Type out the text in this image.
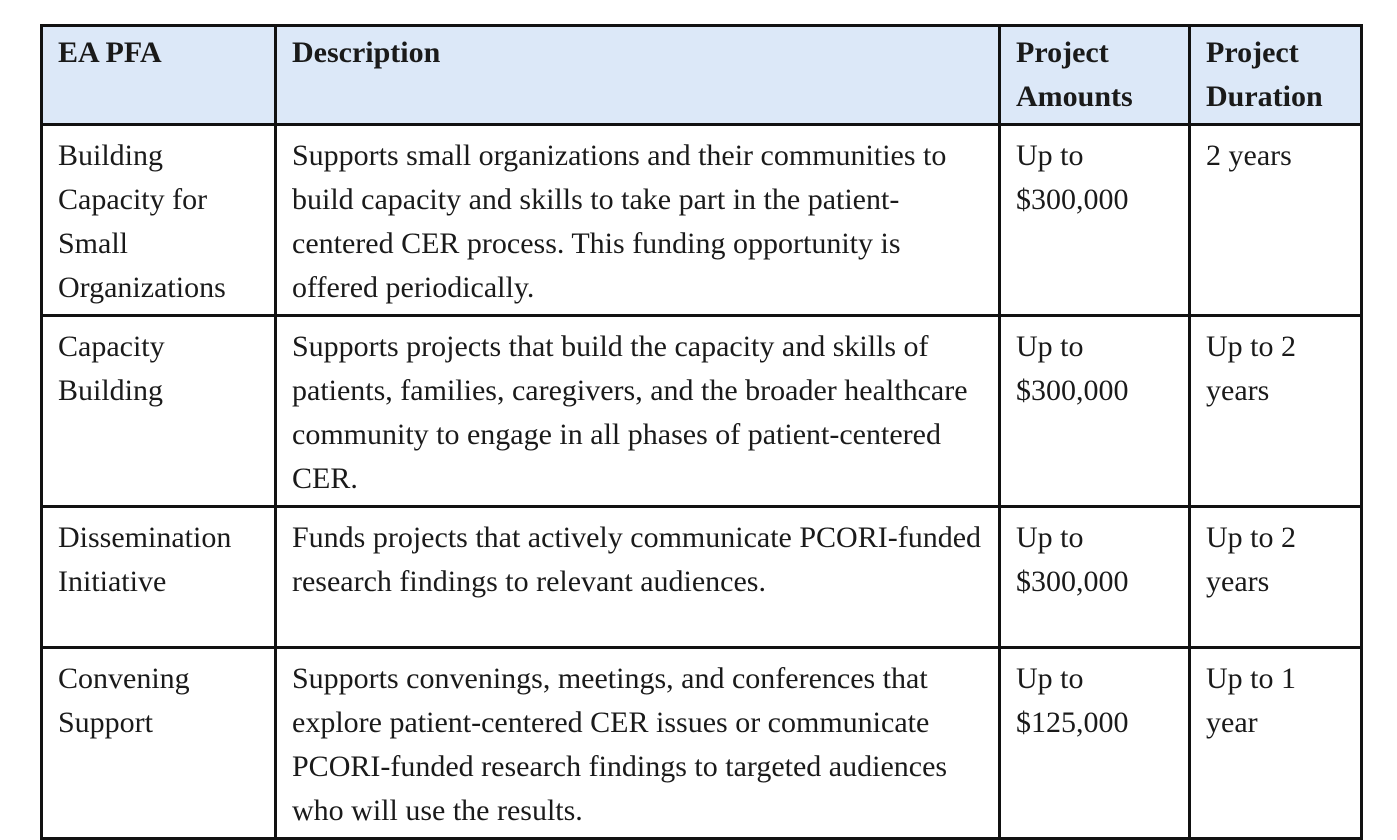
EA PFA	Description	Project Amounts	Project Duration

Building Capacity for Small Organizations	Supports small organizations and their communities to build capacity and skills to take part in the patient-centered CER process. This funding opportunity is offered periodically.	Up to $300,000	2 years

Capacity Building	Supports projects that build the capacity and skills of patients, families, caregivers, and the broader healthcare community to engage in all phases of patient-centered CER.	Up to $300,000	Up to 2 years

Dissemination Initiative	Funds projects that actively communicate PCORI-funded research findings to relevant audiences.	Up to $300,000	Up to 2 years

Convening Support	Supports convenings, meetings, and conferences that explore patient-centered CER issues or communicate PCORI-funded research findings to targeted audiences who will use the results.	Up to $125,000	Up to 1 year
